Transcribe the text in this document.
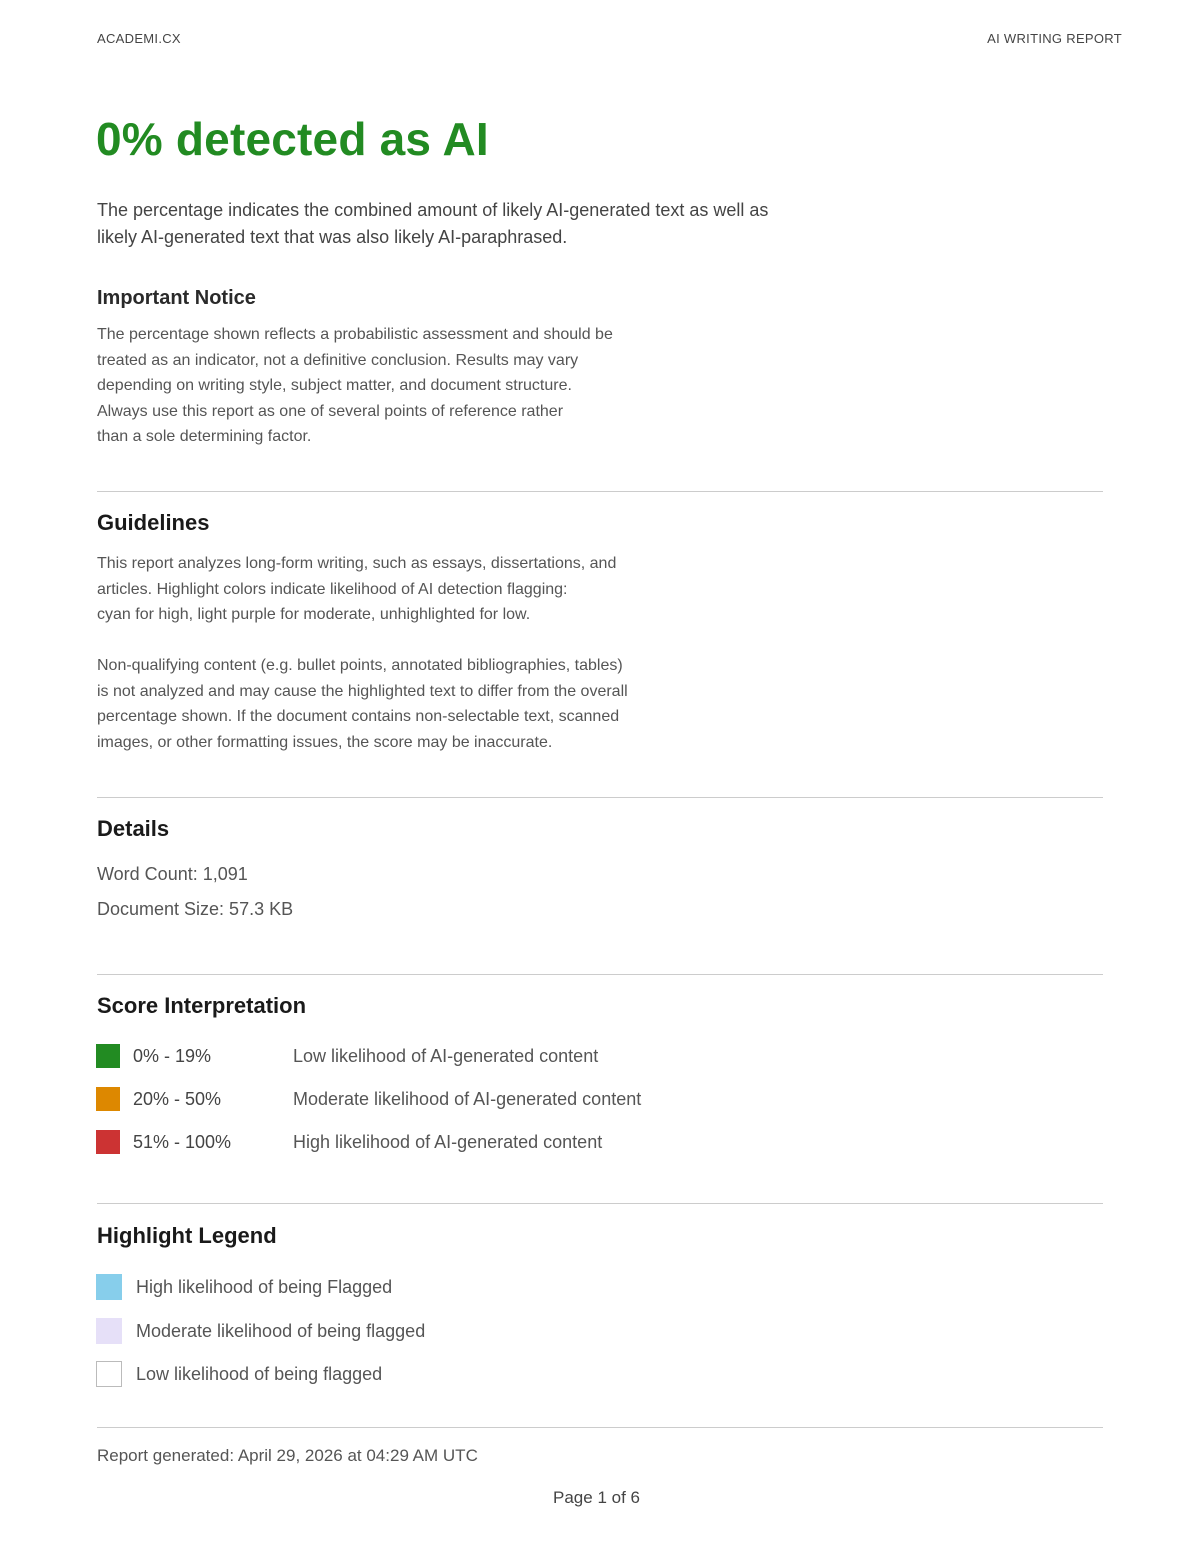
ACADEMI.CX	AI WRITING REPORT
0% detected as AI

The percentage indicates the combined amount of likely AI-generated text as well as likely AI-generated text that was also likely AI-paraphrased.

Important Notice

The percentage shown reflects a probabilistic assessment and should be
treated as an indicator, not a definitive conclusion. Results may vary
depending on writing style, subject matter, and document structure.
Always use this report as one of several points of reference rather
than a sole determining factor.

Guidelines

This report analyzes long-form writing, such as essays, dissertations, and
articles. Highlight colors indicate likelihood of AI detection flagging:
cyan for high, light purple for moderate, unhighlighted for low.

Non-qualifying content (e.g. bullet points, annotated bibliographies, tables)
is not analyzed and may cause the highlighted text to differ from the overall
percentage shown. If the document contains non-selectable text, scanned
images, or other formatting issues, the score may be inaccurate.

Details
Word Count: 1,091
Document Size: 57.3 KB
Score Interpretation
0% - 19%	Low likelihood of AI-generated content
20% - 50%	Moderate likelihood of AI-generated content
51% - 100%	High likelihood of AI-generated content
Highlight Legend
High likelihood of being Flagged
Moderate likelihood of being flagged
Low likelihood of being flagged
Report generated: April 29, 2026 at 04:29 AM UTC
Page 1 of 6
